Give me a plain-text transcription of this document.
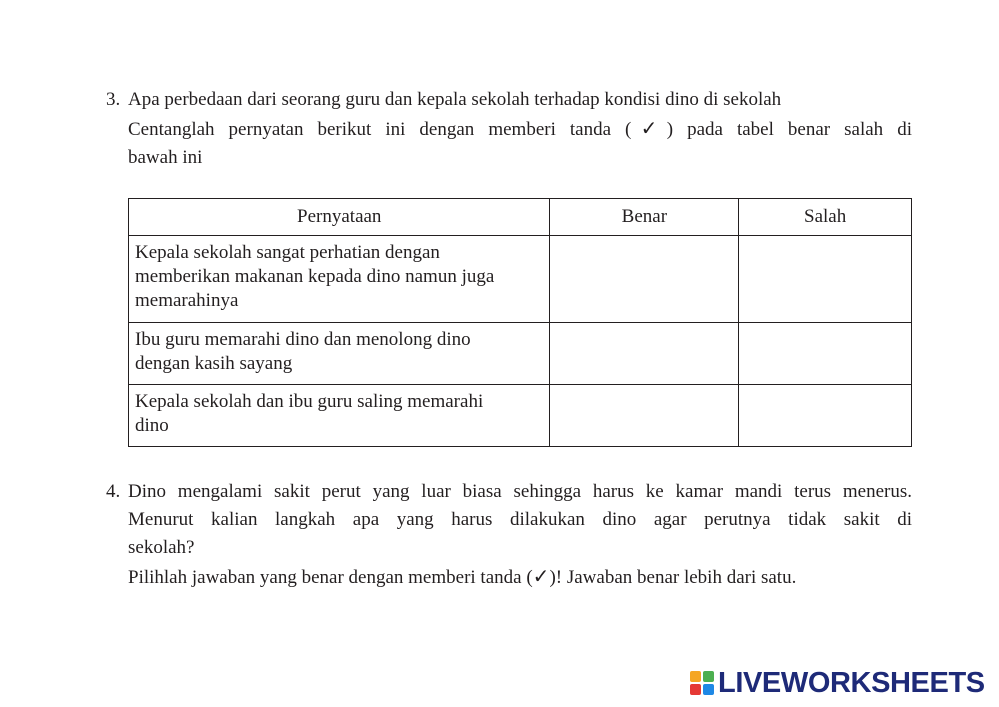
3. Apa perbedaan dari seorang guru dan kepala sekolah terhadap kondisi dino di sekolah
Centanglah pernyatan berikut ini dengan memberi tanda (✓) pada tabel benar salah di
bawah ini
Pernyataan	Benar	Salah

Kepala sekolah sangat perhatian dengan
memberikan makanan kepada dino namun juga
memarahinya		

Ibu guru memarahi dino dan menolong dino
dengan kasih sayang		

Kepala sekolah dan ibu guru saling memarahi
dino		

4. Dino mengalami sakit perut yang luar biasa sehingga harus ke kamar mandi terus menerus.
Menurut kalian langkah apa yang harus dilakukan dino agar perutnya tidak sakit di
sekolah?
Pilihlah jawaban yang benar dengan memberi tanda (✓)! Jawaban benar lebih dari satu.
LIVEWORKSHEETS
